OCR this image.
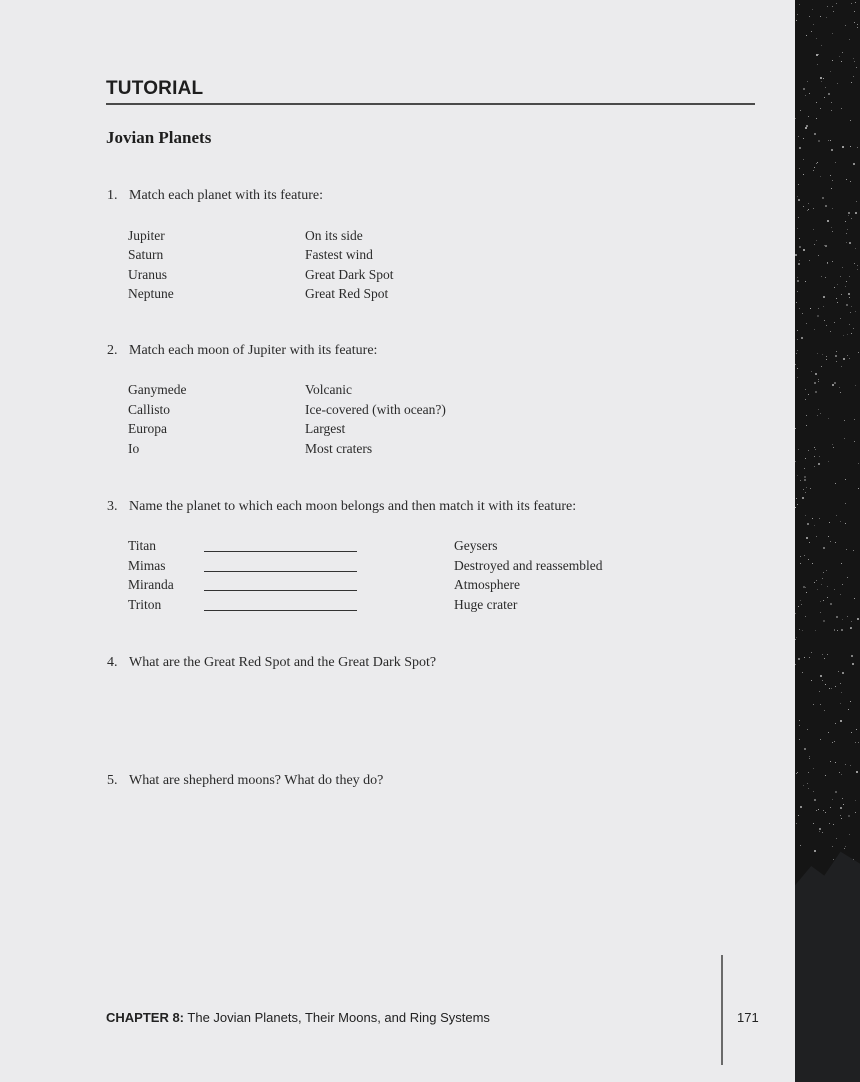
TUTORIAL
Jovian Planets
1. Match each planet with its feature:
Jupiter
Saturn
Uranus
Neptune
On its side
Fastest wind
Great Dark Spot
Great Red Spot
2. Match each moon of Jupiter with its feature:
Ganymede
Callisto
Europa
Io
Volcanic
Ice-covered (with ocean?)
Largest
Most craters
3. Name the planet to which each moon belongs and then match it with its feature:
Titan
Mimas
Miranda
Triton
Geysers
Destroyed and reassembled
Atmosphere
Huge crater
4. What are the Great Red Spot and the Great Dark Spot?
5. What are shepherd moons? What do they do?
CHAPTER 8: The Jovian Planets, Their Moons, and Ring Systems	171
